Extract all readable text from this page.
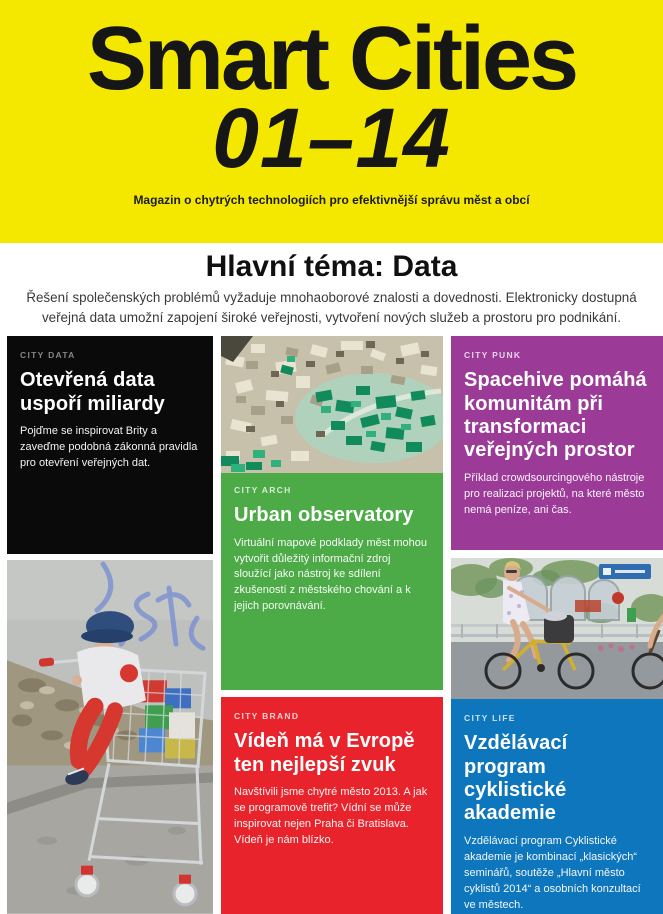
Smart Cities
01–14
Magazin o chytrých technologiích pro efektivnější správu měst a obcí
Hlavní téma: Data

Řešení společenských problémů vyžaduje mnohaoborové znalosti a dovednosti. Elektronicky dostupná veřejná data umožní zapojení široké veřejnosti, vytvoření nových služeb a prostoru pro podnikání.

CITY DATA
Otevřená data uspoří miliardy

Pojďme se inspirovat Brity a zaveďme podobná zákonná pravidla pro otevření veřejných dat.

CITY ARCH
Urban observatory

Virtuální mapové podklady měst mohou vytvořit důležitý informační zdroj sloužící jako nástroj ke sdílení zkušeností z městského chování a k jejich porovnávání.

CITY BRAND
Vídeň má v Evropě ten nejlepší zvuk

Navštívili jsme chytré město 2013. A jak se programově trefit? Vídní se může inspirovat nejen Praha či Bratislava. Vídeň je nám blízko.

CITY PUNK
Spacehive pomáhá komunitám při transformaci veřejných prostor

Příklad crowdsourcingového nástroje pro realizaci projektů, na které město nemá peníze, ani čas.

CITY LIFE
Vzdělávací program cyklistické akademie

Vzdělávací program Cyklistické akademie je kombinací „klasických“ seminářů, soutěže „Hlavní město cyklistů 2014“ a osobních konzultací ve městech.
